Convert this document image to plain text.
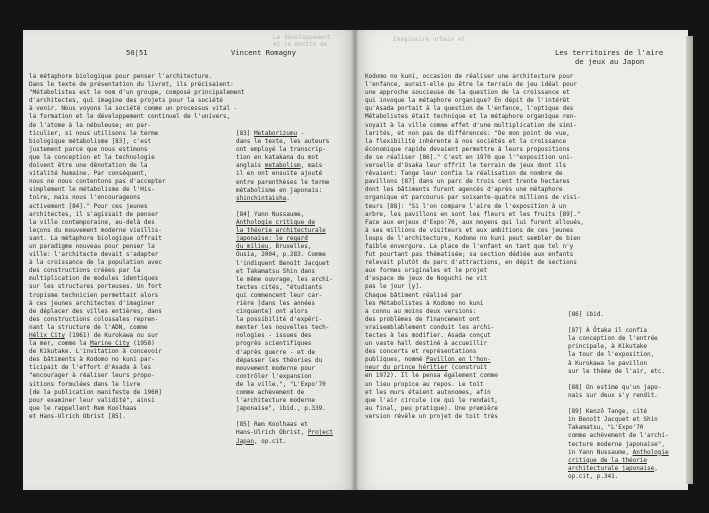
Le développement
et le destin de
50|51	Vincent Romagny
la métaphore biologique pour penser l'architecture.
Dans le texte de présentation du livret, ils précisaient:
"Métabolistes est le nom d'un groupe, composé principalement
d'architectes, qui imagine des projets pour la société
à venir. Nous voyons la société comme un processus vital -
la formation et le développement continuel de l'univers,
de l'atome à la nébuleuse; en par-
ticulier, si nous utilisons le terme
biologique métabolisme [83], c'est
justement parce que nous estimons
que la conception et la technologie
doivent être une dénotation de la
vitalité humaine. Par conséquent,
nous ne nous contentons pas d'accepter
simplement le métabolisme de l'His-
toire, mais nous l'encourageons
activement [84]." Pour ces jeunes
architectes, il s'agissait de penser
la ville contemporaine, au-delà des
leçons du mouvement moderne vieillis-
sant. La métaphore biologique offrait
un paradigme nouveau pour penser la
ville: l'architecte devait s'adapter
à la croissance de la population avec
des constructions créées par la
multiplication de modules identiques
sur les structures porteuses. Un fort
tropisme technicien permettait alors
à ces jeunes architectes d'imaginer
de déplacer des villes entières, dans
des constructions colossales repren-
nant la structure de l'ADN, comme
Hélix City (1961) de Kurokawa ou sur
la mer, comme la Marine City (1958)
de Kikutake. L'invitation à concevoir
des bâtiments à Kodomo no kuni par-
ticipait de l'effort d'Asada à les
"encourager à réaliser leurs propo-
sitions formulées dans le livre
[de la publication manifeste de 1960]
pour examiner leur validité", ainsi
que le rappellent Rem Koolhaas
et Hans-Ulrich Obrist [85].
[83] Metaborizumu -
dans le texte, les auteurs
ont employé la transcrip-
tion en katakana du mot
anglais metabolism, mais
il en ont ensuite ajouté
entre parenthèses le terme
métabolisme en japonais:
shinchintaisha.
[84] Yann Nussaume,
Anthologie critique de
la théorie architecturale
japonaise: le regard
du milieu, Bruxelles,
Ousia, 2004, p.283. Comme
l'indiquent Benoît Jacquet
et Takamatsu Shin dans
le même ouvrage, les archi-
tectes cités, "étudiants
qui commencent leur car-
rière [dans les années
cinquante] ont alors
la possibilité d'expéri-
menter les nouvelles tech-
nologies - issues des
progrès scientifiques
d'après guerre - et de
dépasser les théories du
mouvement moderne pour
contrôler l'expansion
de la ville.", "L'Expo'70
comme achèvement de
l'architecture moderne
japonaise", ibid., p.339.
[85] Rem Koolhaas et
Hans-Ulrich Obrist, Project
Japan, op.cit.
Imaginaire urbain et
Les territoires de l'aire
de jeux au Japon
Kodomo no kuni, occasion de réaliser une architecture pour
l'enfance, aurait-elle pu être le terrain de jeu idéal pour
une approche soucieuse de la question de la croissance et
qui invoque la métaphore organique? En dépit de l'intérêt
qu'Asada portait à la question de l'enfance, l'optique des
Métabolistes était technique et la métaphore organique ren-
voyait à la ville comme effet d'une multiplication de simi-
larités, et non pas de différences: "De mon point de vue,
la flexibilité inhérente à nos sociétés et la croissance
économique rapide devaient permettre à leurs propositions
de se réaliser [86]." C'est en 1970 que l'"exposition uni-
verselle d'Osaka leur offrit le terrain de jeux dont ils
rêvaient: Tange leur confia la réalisation de nombre de
pavillons [87] dans un parc de trois cent trente hectares
dont les bâtiments furent agencés d'après une métaphore
organique et parcourus par soixante-quatre millions de visi-
teurs [88]: "Si l'on compare l'aire de l'exposition à un
arbre, les pavillons en sont les fleurs et les fruits [89]."
Face aux enjeux d'Expo'70, aux moyens qui lui furent alloués,
à ses millions de visiteurs et aux ambitions de ces jeunes
loups de l'architecture, Kodomo no kuni peut sembler de bien
faible envergure. La place de l'enfant en tant que tel n'y
fut pourtant pas thématisée; sa section dédiée aux enfants
relevait plutôt du parc d'attractions, en dépit de sections
aux formes originales et le projet
d'espace de jeux de Noguchi ne vit
pas le jour [y].
Chaque bâtiment réalisé par
les Métabolistes à Kodomo no kuni
a connu au moins deux versions:
des problèmes de financement ont
vraisemblablement conduit les archi-
tectes à les modifier. Asada conçut
un vaste hall destiné à accueillir
des concerts et représentations
publiques, nommé Pavillon en l'hon-
neur du prince héritier (construit
en 1972). Il le pensa également comme
un lieu propice au repos. Le toit
et les murs étaient autonomes, afin
que l'air circule (ce qui le rendait,
au final, peu pratique). Une première
version révèle un projet de toit très
[86] ibid.
[87] À Ôtaka il confia
la conception de l'entrée
principale, à Kikutake
la tour de l'exposition,
à Kurokawa le pavillon
sur le thème de l'air, etc.
[88] On estime qu'un japo-
nais sur deux s'y rendit.
[89] Kenzô Tange, cité
in Benoît Jacquet et Shin
Takamatsu, "L'Expo'70
comme achèvement de l'archi-
tecture moderne japonaise",
in Yann Nussaume, Anthologie
critique de la théorie
architecturale japonaise,
op.cit, p.341.
